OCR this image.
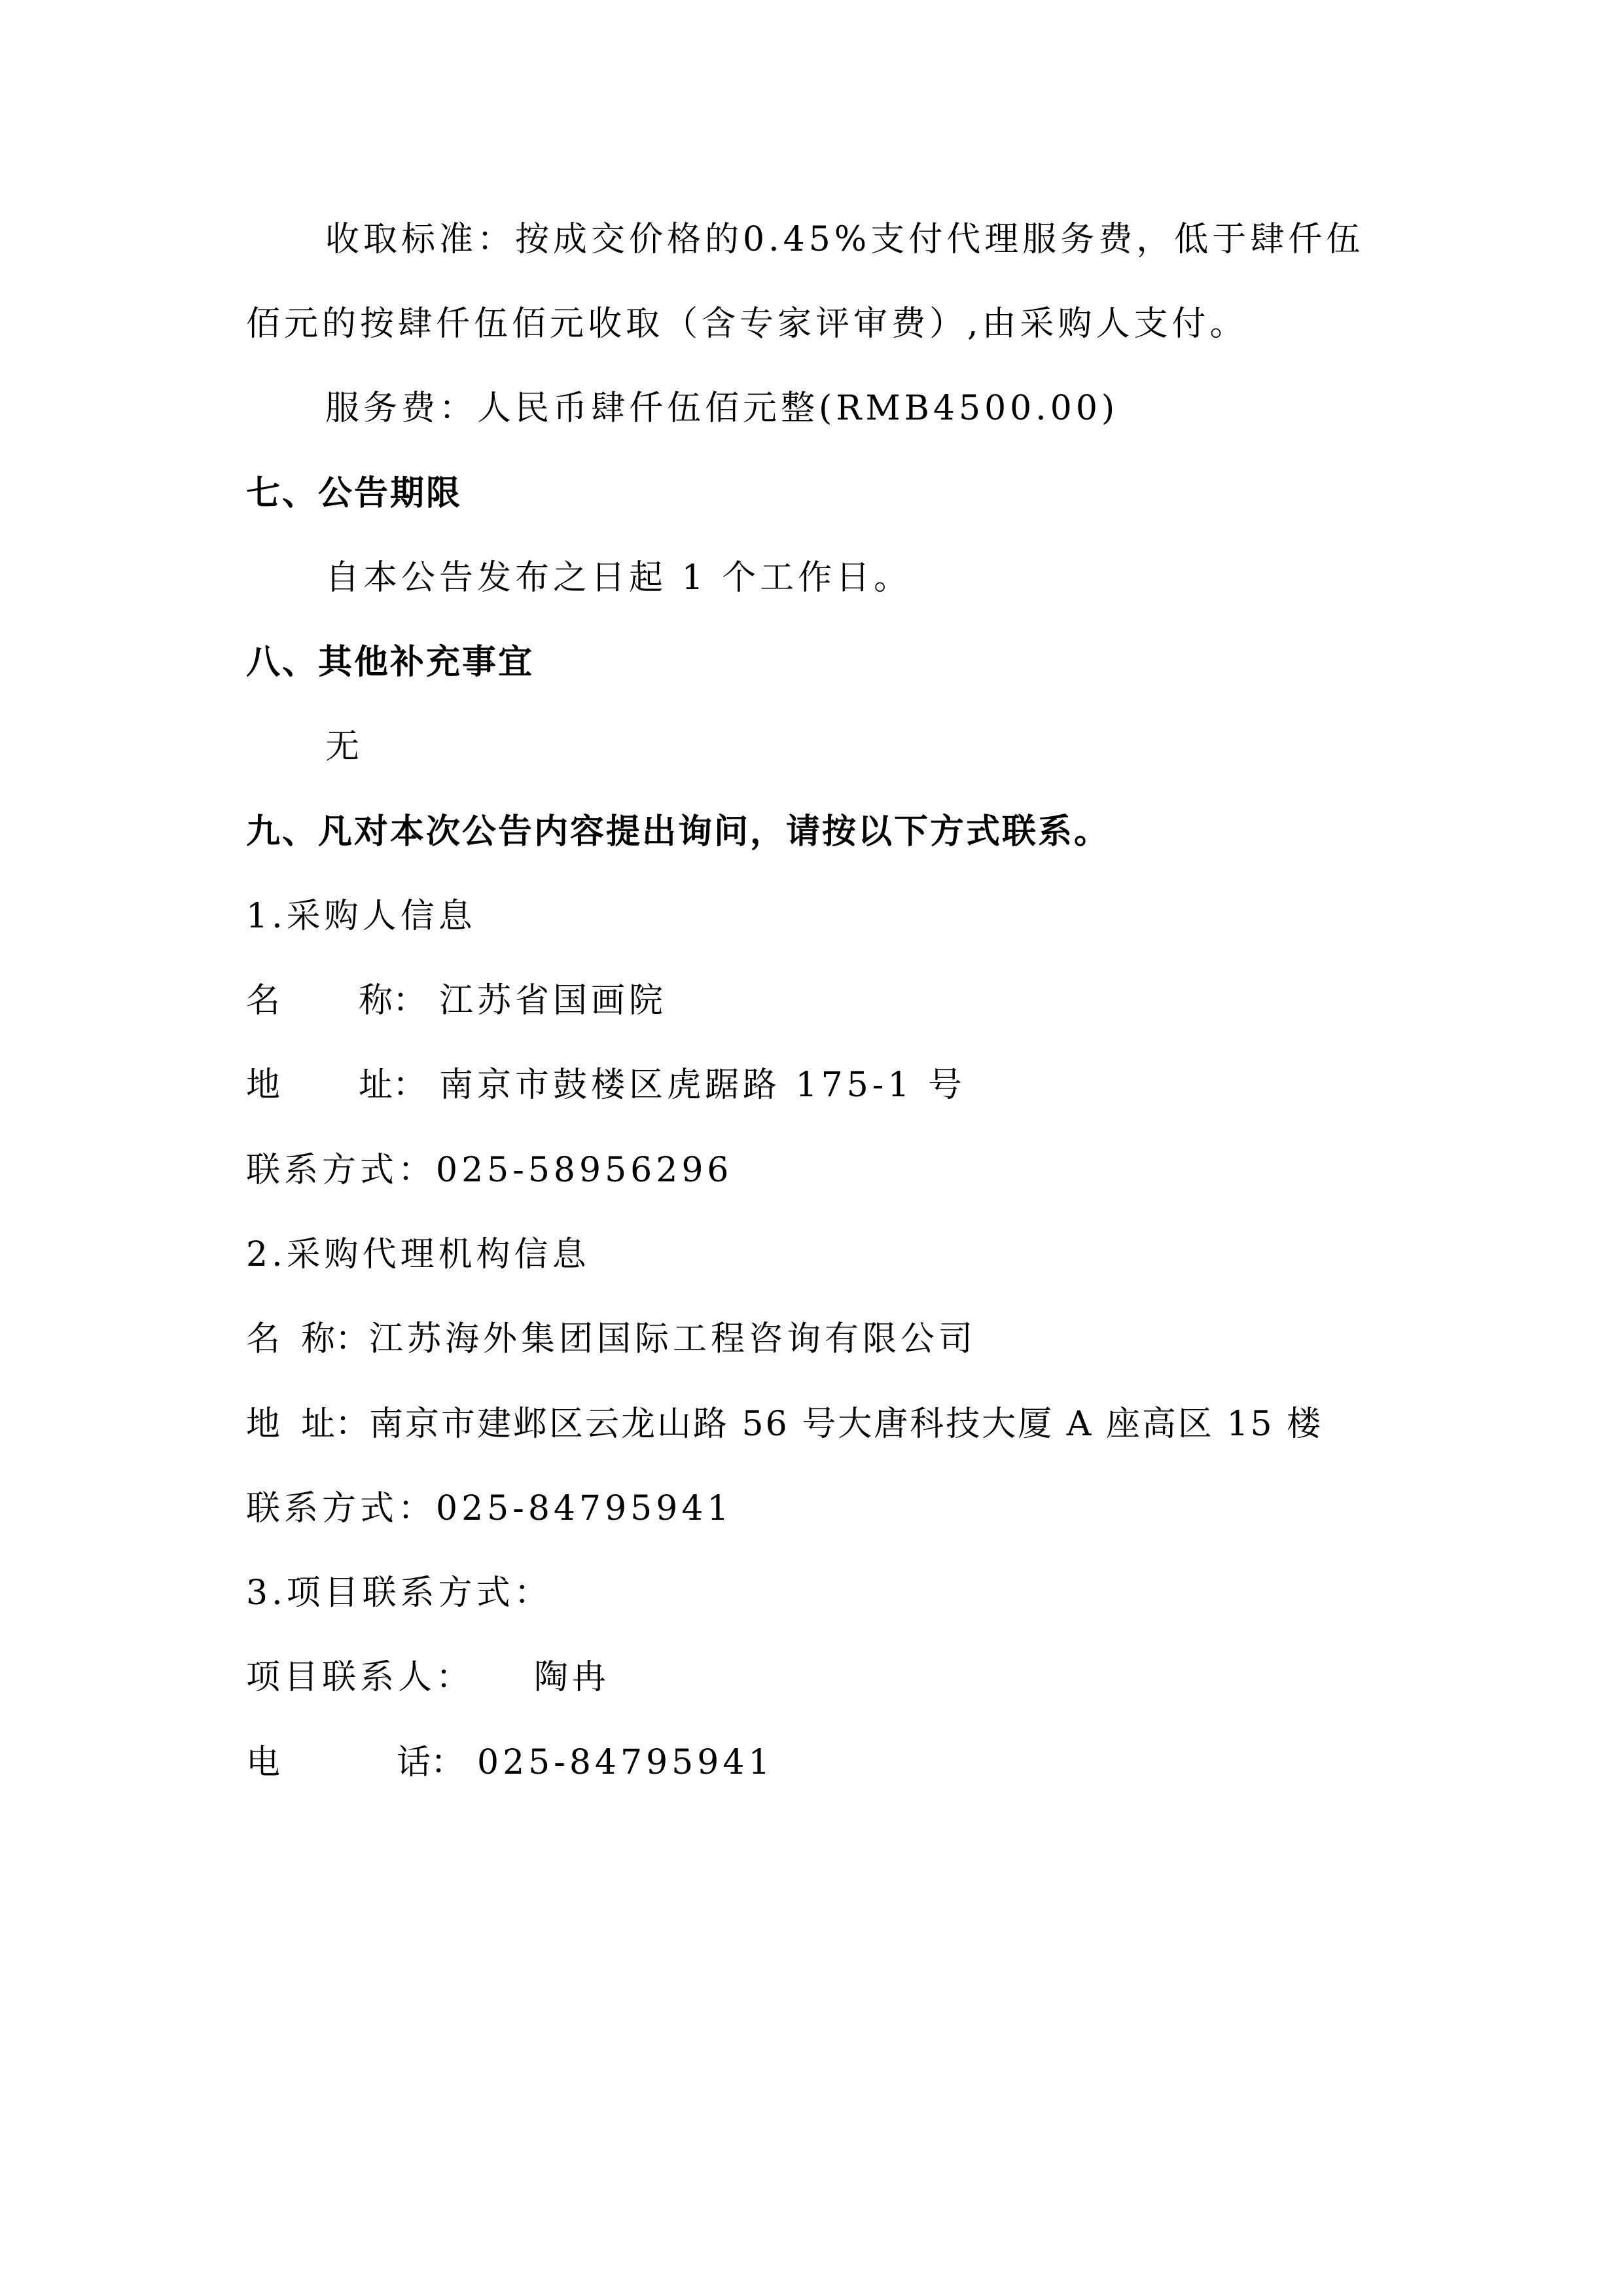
收取标准：按成交价格的0.45%支付代理服务费，低于肆仟伍
佰元的按肆仟伍佰元收取（含专家评审费）,由采购人支付。
服务费：人民币肆仟伍佰元整(RMB4500.00)
七、公告期限
自本公告发布之日起 1 个工作日。
八、其他补充事宜
无
九、凡对本次公告内容提出询问，请按以下方式联系。
1.采购人信息
名 称： 江苏省国画院
地 址： 南京市鼓楼区虎踞路 175-1 号
联系方式：025-58956296
2.采购代理机构信息
名 称：江苏海外集团国际工程咨询有限公司
地 址：南京市建邺区云龙山路 56 号大唐科技大厦 A 座高区 15 楼
联系方式：025-84795941
3.项目联系方式：
项目联系人： 陶冉
电	话： 025-84795941
